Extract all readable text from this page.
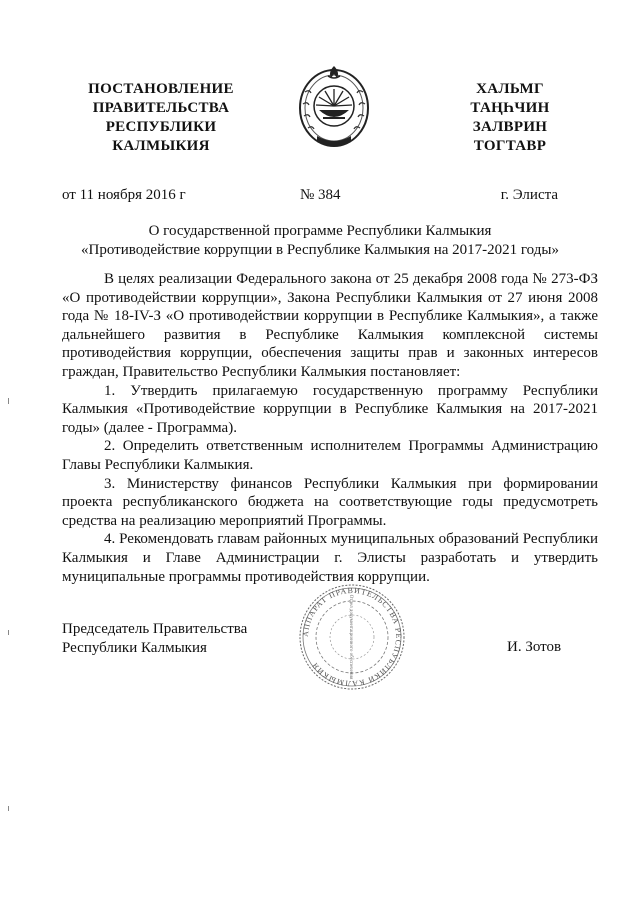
ПОСТАНОВЛЕНИЕ
ПРАВИТЕЛЬСТВА
РЕСПУБЛИКИ
КАЛМЫКИЯ
ХАЛЬМГ
ТАҢҺЧИН
ЗАЛВРИН
ТОГТАВР
от 11 ноября 2016 г	№ 384	г. Элиста
О государственной программе Республики Калмыкия
«Противодействие коррупции в Республике Калмыкия на 2017-2021 годы»

В целях реализации Федерального закона от 25 декабря 2008 года № 273-ФЗ «О противодействии коррупции», Закона Республики Калмыкия от 27 июня 2008 года № 18-IV-З «О противодействии коррупции в Республике Калмыкия», а также дальнейшего развития в Республике Калмыкия комплексной системы противодействия коррупции, обеспечения защиты прав и законных интересов граждан, Правительство Республики Калмыкия постановляет:

1. Утвердить прилагаемую государственную программу Республики Калмыкия «Противодействие коррупции в Республике Калмыкия на 2017-2021 годы» (далее - Программа).

2. Определить ответственным исполнителем Программы Администрацию Главы Республики Калмыкия.

3. Министерству финансов Республики Калмыкия при формировании проекта республиканского бюджета на соответствующие годы предусмотреть средства на реализацию мероприятий Программы.

4. Рекомендовать главам районных муниципальных образований Республики Калмыкия и Главе Администрации г. Элисты разработать и утвердить муниципальные программы противодействия коррупции.

Председатель Правительства
Республики Калмыкия
АППАРАТ ПРАВИТЕЛЬСТВА РЕСПУБЛИКИ КАЛМЫКИЯ	Отдел документационного обеспечения	И. Зотов
